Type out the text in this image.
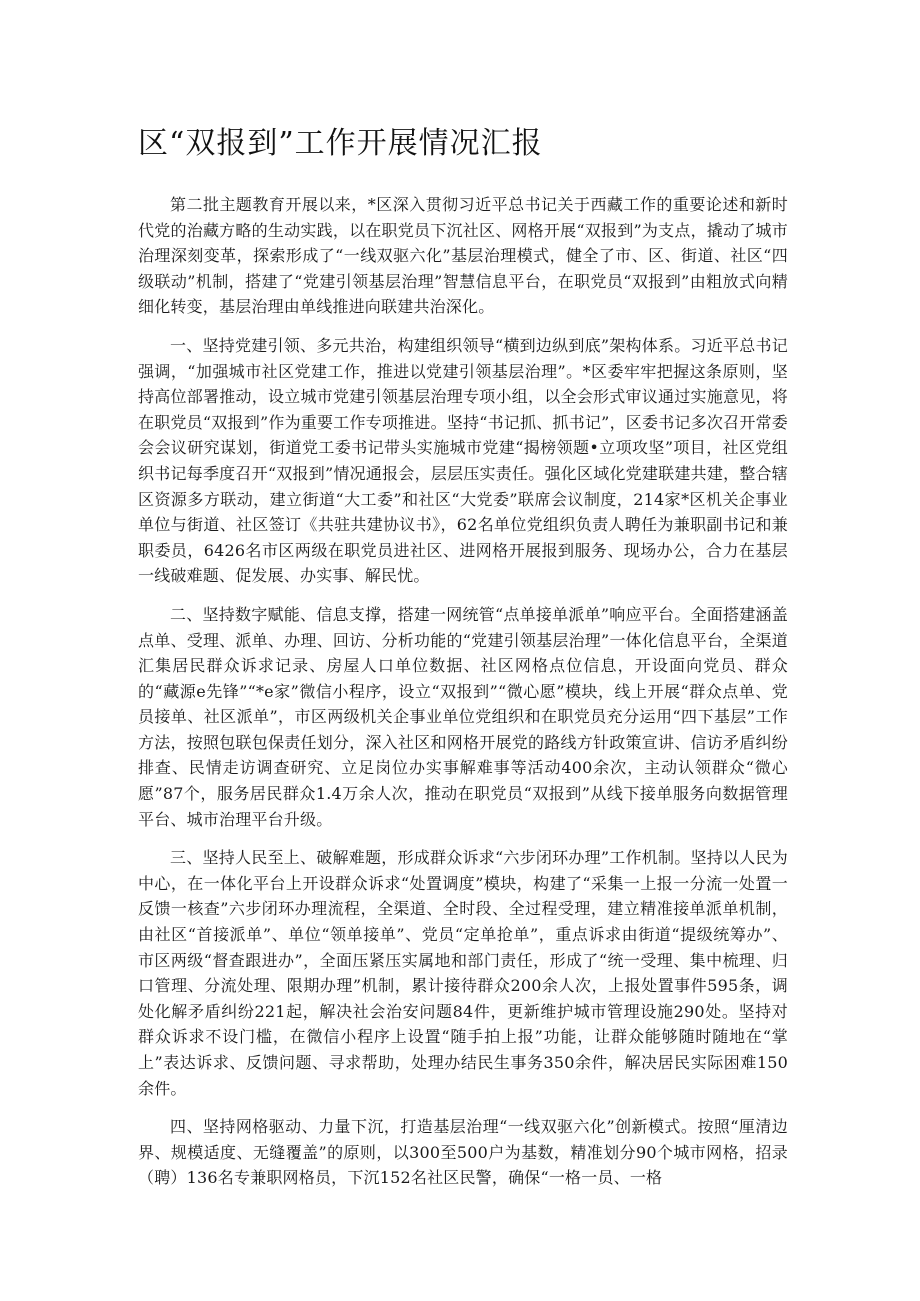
区“双报到”工作开展情况汇报

第二批主题教育开展以来，*区深入贯彻习近平总书记关于西藏工作的重要论述和新时代党的治藏方略的生动实践，以在职党员下沉社区、网格开展“双报到”为支点，撬动了城市治理深刻变革，探索形成了“一线双驱六化”基层治理模式，健全了市、区、街道、社区“四级联动”机制，搭建了“党建引领基层治理”智慧信息平台，在职党员“双报到”由粗放式向精细化转变，基层治理由单线推进向联建共治深化。

一、坚持党建引领、多元共治，构建组织领导“横到边纵到底”架构体系。习近平总书记强调，“加强城市社区党建工作，推进以党建引领基层治理”。*区委牢牢把握这条原则，坚持高位部署推动，设立城市党建引领基层治理专项小组，以全会形式审议通过实施意见，将在职党员“双报到”作为重要工作专项推进。坚持“书记抓、抓书记”，区委书记多次召开常委会会议研究谋划，街道党工委书记带头实施城市党建“揭榜领题•立项攻坚”项目，社区党组织书记每季度召开“双报到”情况通报会，层层压实责任。强化区域化党建联建共建，整合辖区资源多方联动，建立街道“大工委”和社区“大党委”联席会议制度，214家*区机关企事业单位与街道、社区签订《共驻共建协议书》，62名单位党组织负责人聘任为兼职副书记和兼职委员，6426名市区两级在职党员进社区、进网格开展报到服务、现场办公，合力在基层一线破难题、促发展、办实事、解民忧。

二、坚持数字赋能、信息支撑，搭建一网统管“点单接单派单”响应平台。全面搭建涵盖点单、受理、派单、办理、回访、分析功能的“党建引领基层治理”一体化信息平台，全渠道汇集居民群众诉求记录、房屋人口单位数据、社区网格点位信息，开设面向党员、群众的“藏源e先锋”“*e家”微信小程序，设立“双报到”“微心愿”模块，线上开展“群众点单、党员接单、社区派单”，市区两级机关企事业单位党组织和在职党员充分运用“四下基层”工作方法，按照包联包保责任划分，深入社区和网格开展党的路线方针政策宣讲、信访矛盾纠纷排查、民情走访调查研究、立足岗位办实事解难事等活动400余次，主动认领群众“微心愿”87个，服务居民群众1.4万余人次，推动在职党员“双报到”从线下接单服务向数据管理平台、城市治理平台升级。

三、坚持人民至上、破解难题，形成群众诉求“六步闭环办理”工作机制。坚持以人民为中心，在一体化平台上开设群众诉求“处置调度”模块，构建了“采集一上报一分流一处置一反馈一核查”六步闭环办理流程，全渠道、全时段、全过程受理，建立精准接单派单机制，由社区“首接派单”、单位“领单接单”、党员“定单抢单”，重点诉求由街道“提级统筹办”、市区两级“督查跟进办”，全面压紧压实属地和部门责任，形成了“统一受理、集中梳理、归口管理、分流处理、限期办理”机制，累计接待群众200余人次，上报处置事件595条，调处化解矛盾纠纷221起，解决社会治安问题84件，更新维护城市管理设施290处。坚持对群众诉求不设门槛，在微信小程序上设置“随手拍上报”功能，让群众能够随时随地在“掌上”表达诉求、反馈问题、寻求帮助，处理办结民生事务350余件，解决居民实际困难150余件。

四、坚持网格驱动、力量下沉，打造基层治理“一线双驱六化”创新模式。按照“厘清边界、规模适度、无缝覆盖”的原则，以300至500户为基数，精准划分90个城市网格，招录（聘）136名专兼职网格员，下沉152名社区民警，确保“一格一员、一格
